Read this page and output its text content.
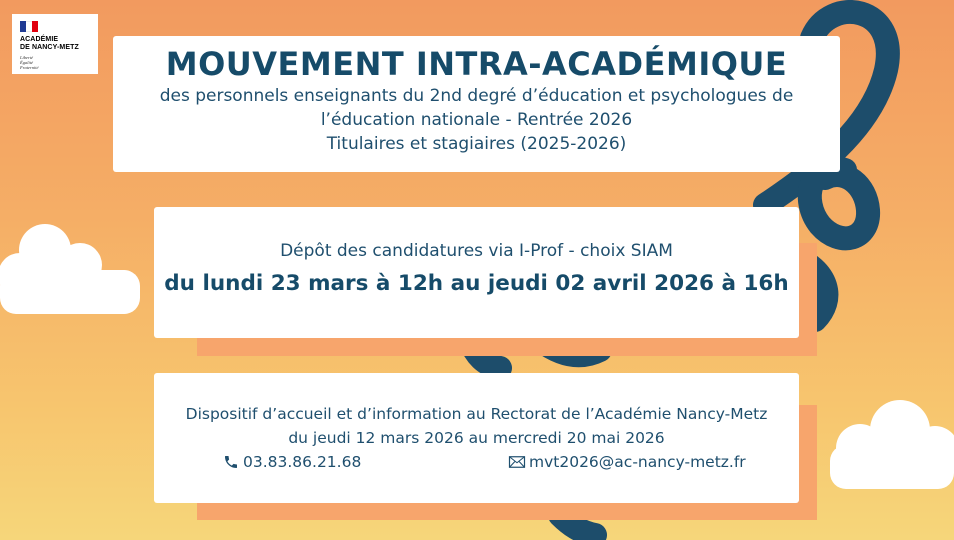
ACADÉMIE
DE NANCY-METZ
Liberté
Égalité
Fraternité	MOUVEMENT INTRA-ACADÉMIQUE
des personnels enseignants du 2nd degré d’éducation et psychologues de
l’éducation nationale - Rentrée 2026
Titulaires et stagiaires (2025-2026)
Dépôt des candidatures via I-Prof - choix SIAM
du lundi 23 mars à 12h au jeudi 02 avril 2026 à 16h
Dispositif d’accueil et d’information au Rectorat de l’Académie Nancy-Metz
du jeudi 12 mars 2026 au mercredi 20 mai 2026
03.83.86.21.68	mvt2026@ac-nancy-metz.fr
